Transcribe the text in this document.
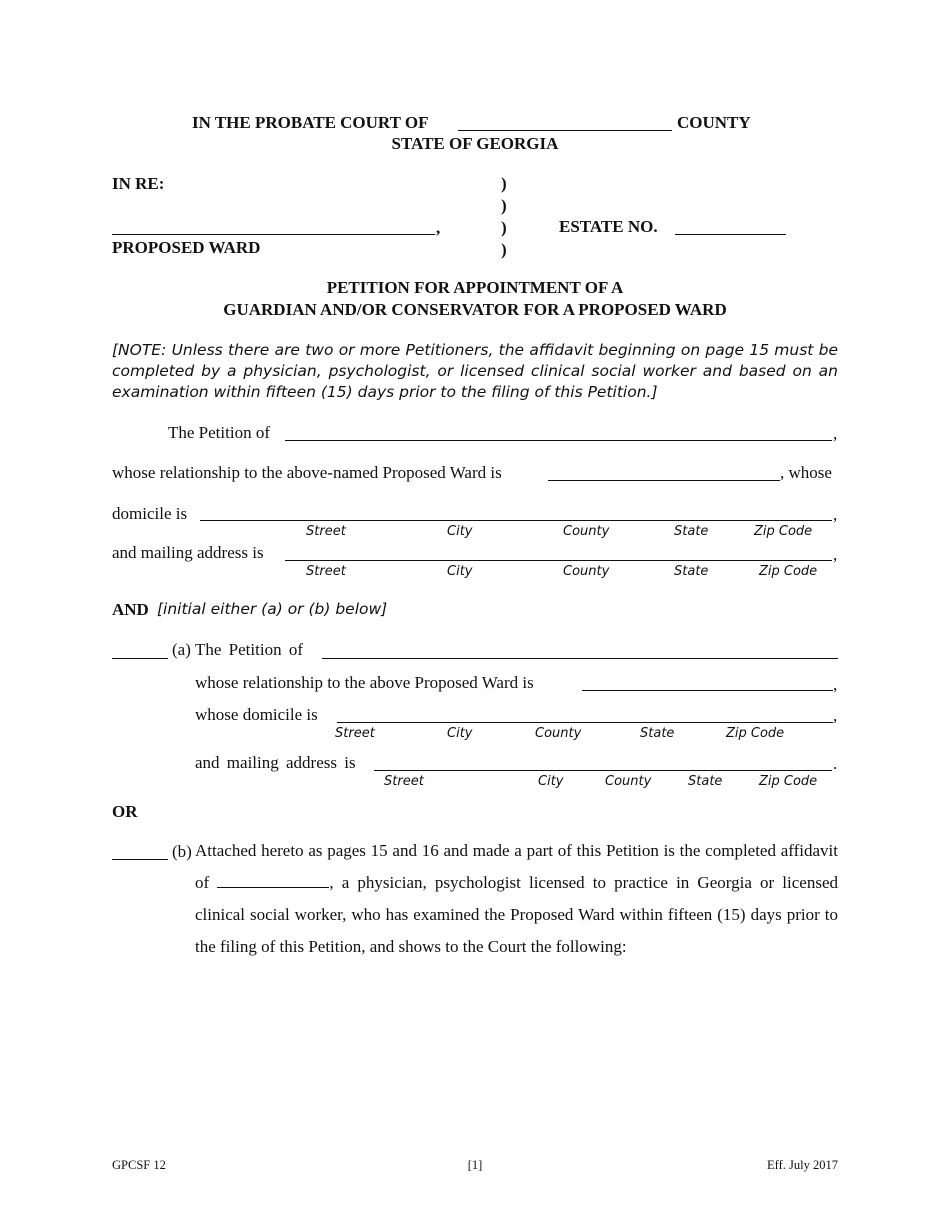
IN THE PROBATE COURT OF	COUNTY
STATE OF GEORGIA
IN RE:	)
)
)
)
,
PROPOSED WARD
ESTATE NO.
PETITION FOR APPOINTMENT OF A
GUARDIAN AND/OR CONSERVATOR FOR A PROPOSED WARD
[NOTE: Unless there are two or more Petitioners, the affidavit beginning on page 15 must be completed by a physician, psychologist, or licensed clinical social worker and based on an examination within fifteen (15) days prior to the filing of this Petition.]
The Petition of	,
whose relationship to the above-named Proposed Ward is	, whose
domicile is	,
Street	City	County	State	Zip Code
and mailing address is	,
Street	City	County	State	Zip Code
AND [initial either (a) or (b) below]
(a) The Petition of
whose relationship to the above Proposed Ward is	,
whose domicile is	,
Street	City	County	State	Zip Code
and mailing address is	.
Street	City	County	State	Zip Code
OR
(b) Attached hereto as pages 15 and 16 and made a part of this Petition is the completed affidavit of	, a physician, psychologist licensed to practice in Georgia or licensed clinical social worker, who has examined the Proposed Ward within fifteen (15) days prior to the filing of this Petition, and shows to the Court the following:
GPCSF 12	[1]	Eff. July 2017
